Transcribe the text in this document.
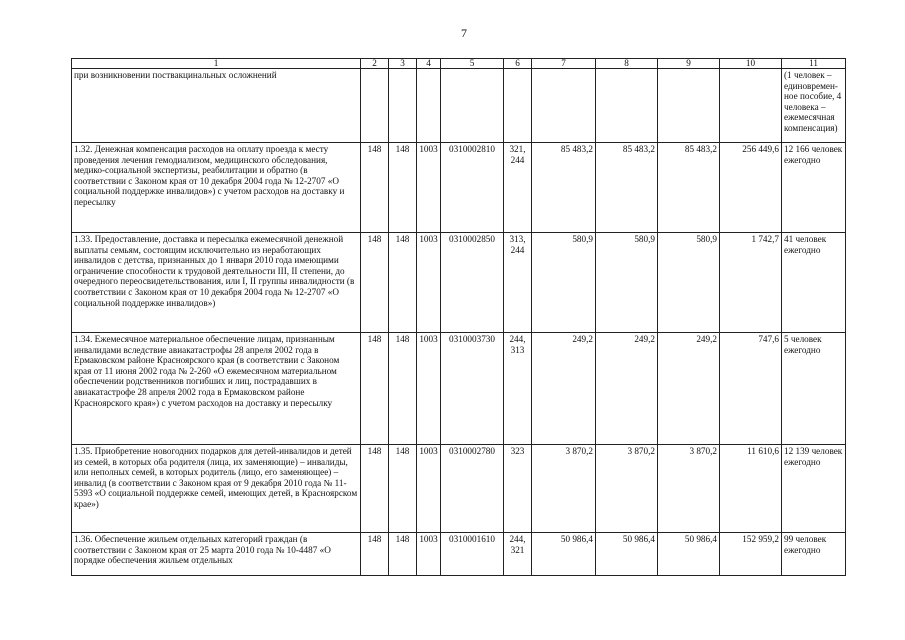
7
1	2	3	4	5	6	7	8	9	10	11
при возникновении поствакцинальных осложнений										(1 человек – единовремен-ное пособие, 4 человека – ежемесячная компенсация)
1.32. Денежная компенсация расходов на оплату проезда к месту проведения лечения гемодиализом, медицинского обследования, медико-социальной экспертизы, реабилитации и обратно (в соответствии с Законом края от 10 декабря 2004 года № 12-2707 «О социальной поддержке инвалидов») с учетом расходов на доставку и пересылку	148	148	1003	0310002810	321, 244	85 483,2	85 483,2	85 483,2	256 449,6	12 166 человек ежегодно
1.33. Предоставление, доставка и пересылка ежемесячной денежной выплаты семьям, состоящим исключительно из неработающих инвалидов с детства, признанных до 1 января 2010 года имеющими ограничение способности к трудовой деятельности III, II степени, до очередного переосвидетельствования, или I, II группы инвалидности (в соответствии с Законом края от 10 декабря 2004 года № 12-2707 «О социальной поддержке инвалидов»)	148	148	1003	0310002850	313, 244	580,9	580,9	580,9	1 742,7	41 человек ежегодно
1.34. Ежемесячное материальное обеспечение лицам, признанным инвалидами вследствие авиакатастрофы 28 апреля 2002 года в Ермаковском районе Красноярского края (в соответствии с Законом края от 11 июня 2002 года № 2-260 «О ежемесячном материальном обеспечении родственников погибших и лиц, пострадавших в авиакатастрофе 28 апреля 2002 года в Ермаковском районе Красноярского края») с учетом расходов на доставку и пересылку	148	148	1003	0310003730	244, 313	249,2	249,2	249,2	747,6	5 человек ежегодно
1.35. Приобретение новогодних подарков для детей-инвалидов и детей из семей, в которых оба родителя (лица, их заменяющие) – инвалиды, или неполных семей, в которых родитель (лицо, его заменяющее) – инвалид (в соответствии с Законом края от 9 декабря 2010 года № 11-5393 «О социальной поддержке семей, имеющих детей, в Красноярском крае»)	148	148	1003	0310002780	323	3 870,2	3 870,2	3 870,2	11 610,6	12 139 человек ежегодно
1.36. Обеспечение жильем отдельных категорий граждан (в соответствии с Законом края от 25 марта 2010 года № 10-4487 «О порядке обеспечения жильем отдельных	148	148	1003	0310001610	244, 321	50 986,4	50 986,4	50 986,4	152 959,2	99 человек ежегодно
